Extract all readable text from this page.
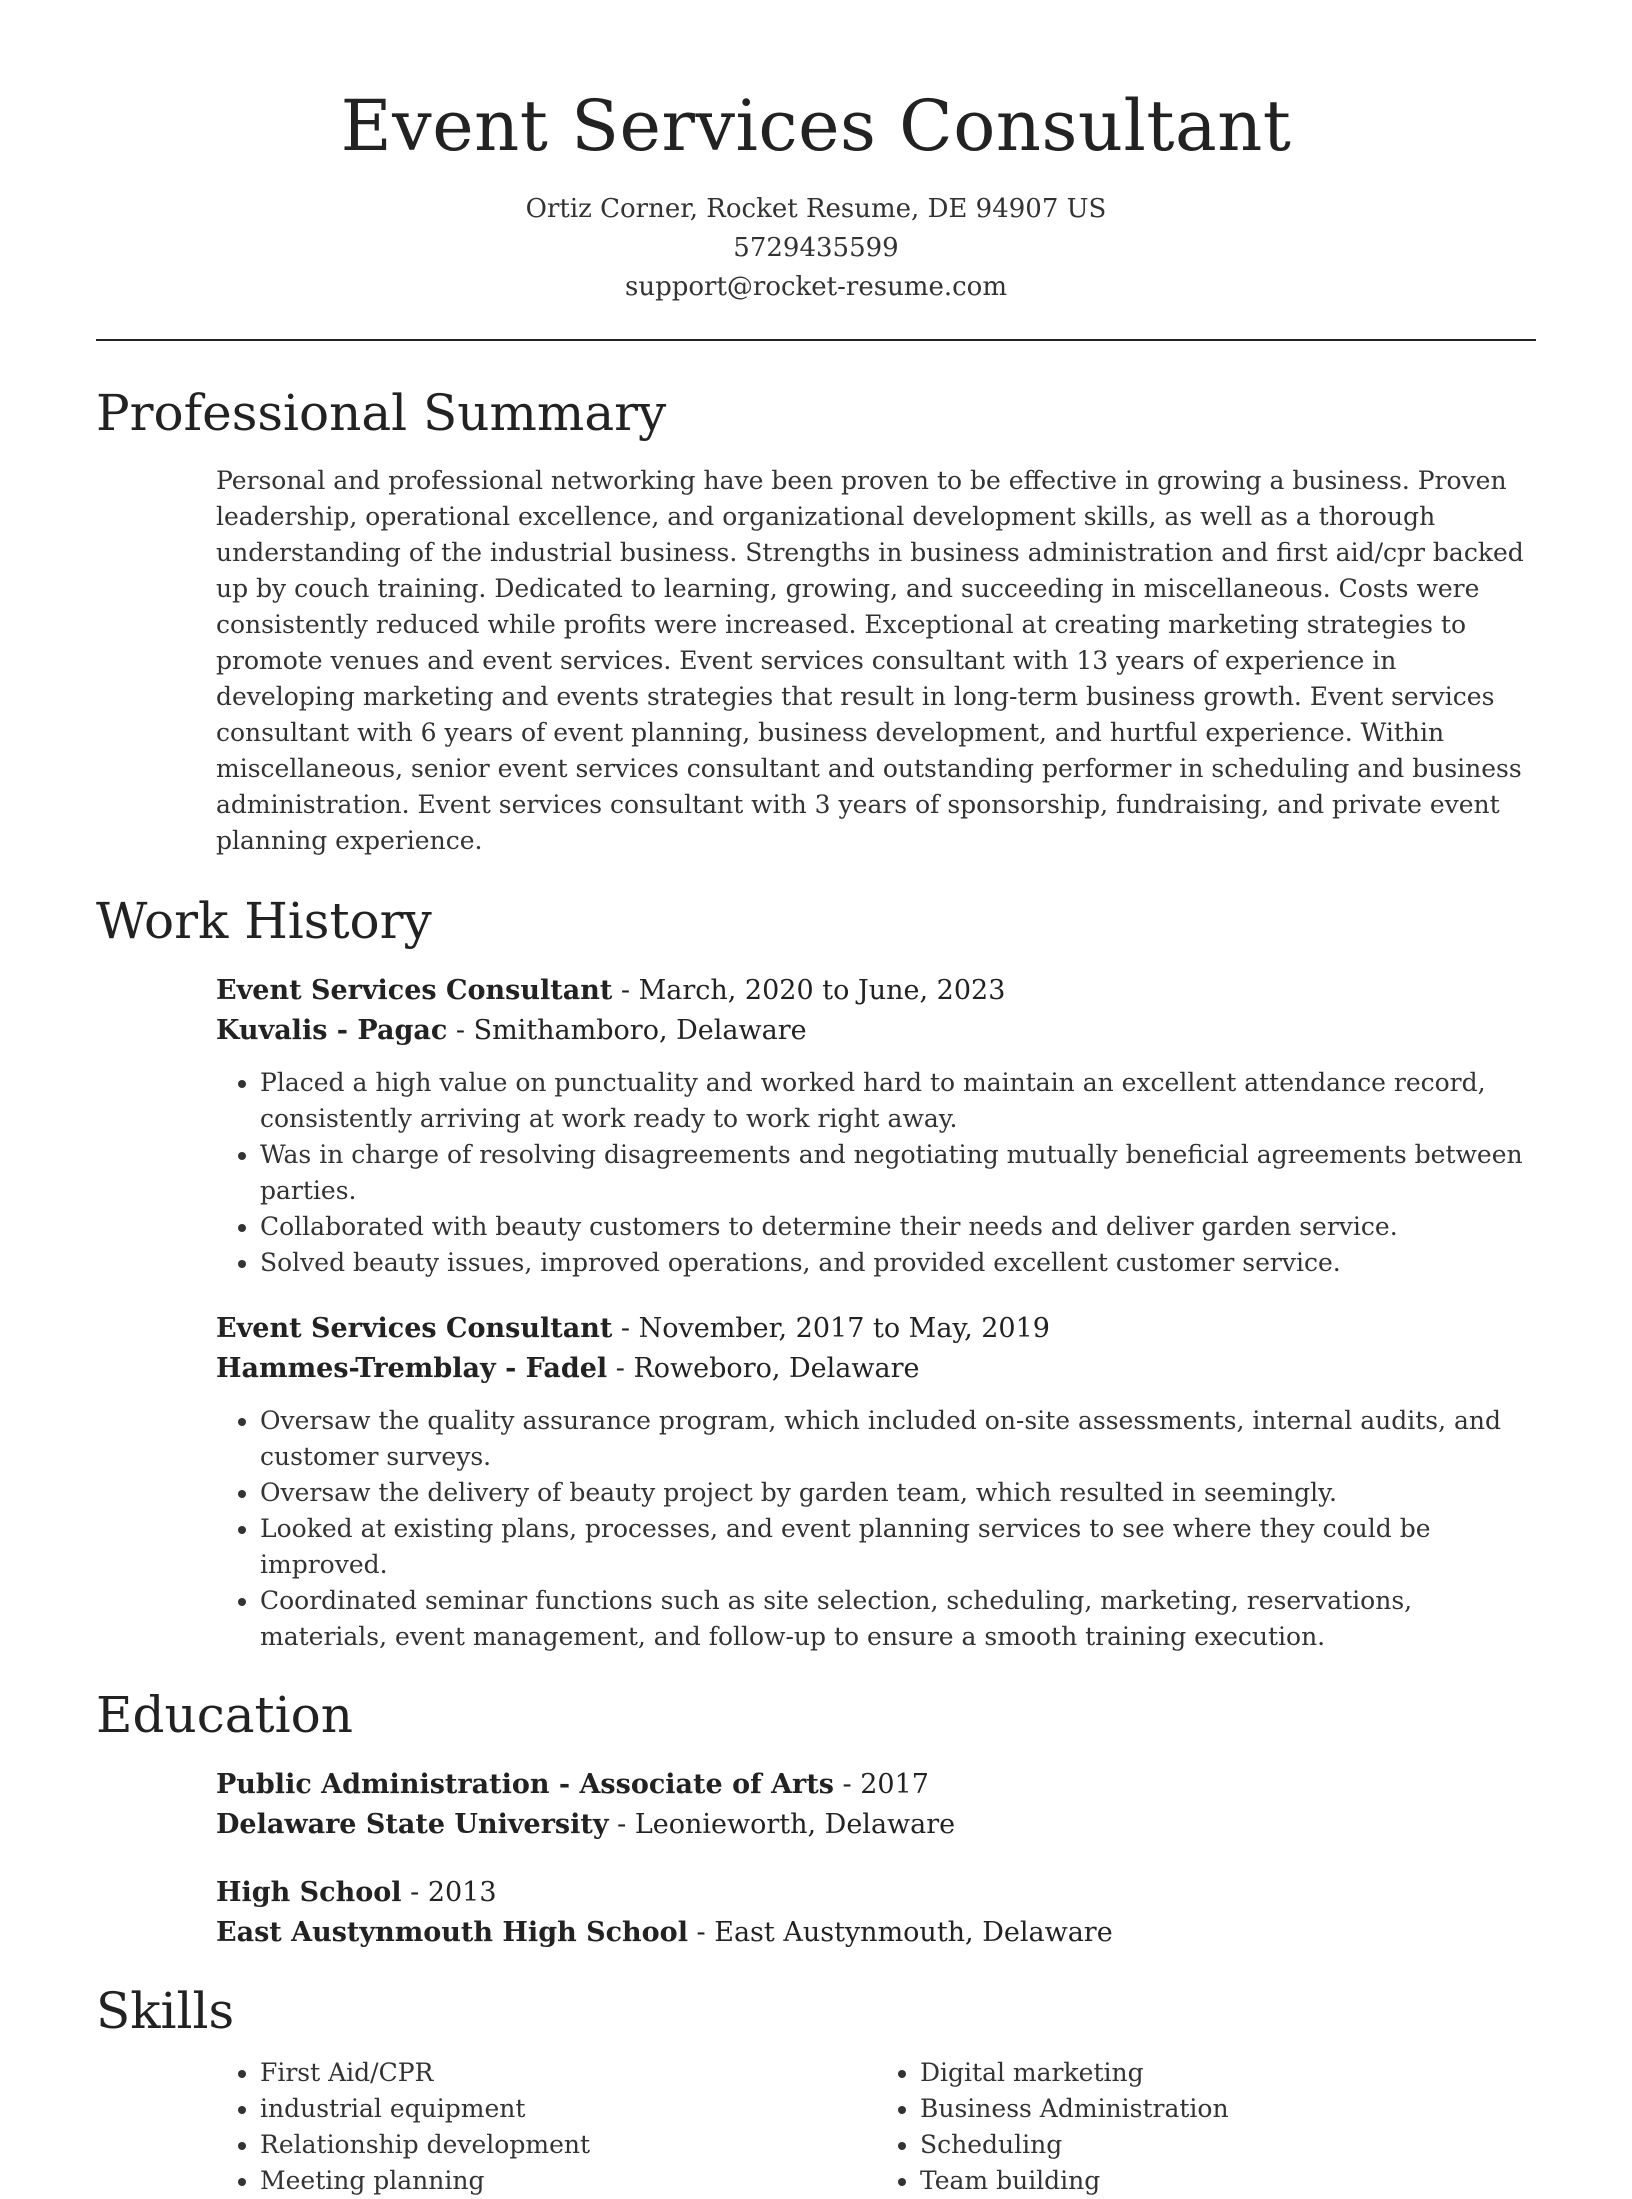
Event Services Consultant
Ortiz Corner, Rocket Resume, DE 94907 US
5729435599
support@rocket-resume.com
Professional Summary

Personal and professional networking have been proven to be effective in growing a business. Proven leadership, operational excellence, and organizational development skills, as well as a thorough understanding of the industrial business. Strengths in business administration and first aid/cpr backed up by couch training. Dedicated to learning, growing, and succeeding in miscellaneous. Costs were consistently reduced while profits were increased. Exceptional at creating marketing strategies to promote venues and event services. Event services consultant with 13 years of experience in developing marketing and events strategies that result in long-term business growth. Event services consultant with 6 years of event planning, business development, and hurtful experience. Within miscellaneous, senior event services consultant and outstanding performer in scheduling and business administration. Event services consultant with 3 years of sponsorship, fundraising, and private event planning experience.

Work History
Event Services Consultant - March, 2020 to June, 2023
Kuvalis - Pagac - Smithamboro, Delaware
• Placed a high value on punctuality and worked hard to maintain an excellent attendance record, consistently arriving at work ready to work right away.
• Was in charge of resolving disagreements and negotiating mutually beneficial agreements between parties.
• Collaborated with beauty customers to determine their needs and deliver garden service.
• Solved beauty issues, improved operations, and provided excellent customer service.
Event Services Consultant - November, 2017 to May, 2019
Hammes-Tremblay - Fadel - Roweboro, Delaware
• Oversaw the quality assurance program, which included on-site assessments, internal audits, and customer surveys.
• Oversaw the delivery of beauty project by garden team, which resulted in seemingly.
• Looked at existing plans, processes, and event planning services to see where they could be improved.
• Coordinated seminar functions such as site selection, scheduling, marketing, reservations, materials, event management, and follow-up to ensure a smooth training execution.
Education
Public Administration - Associate of Arts - 2017
Delaware State University - Leonieworth, Delaware
High School - 2013
East Austynmouth High School - East Austynmouth, Delaware
Skills
• First Aid/CPR
• industrial equipment
• Relationship development
• Meeting planning
• Digital marketing
• Business Administration
• Scheduling
• Team building
